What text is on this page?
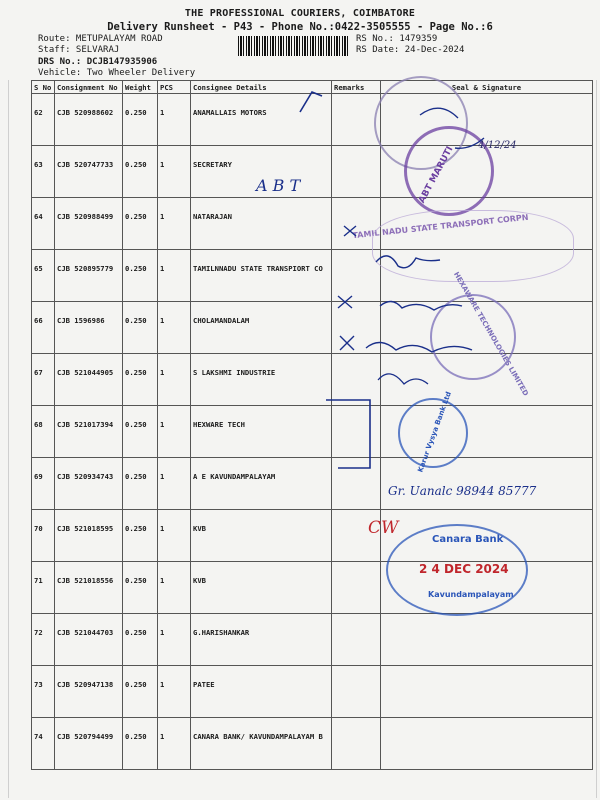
THE PROFESSIONAL COURIERS, COIMBATORE
Delivery Runsheet - P43 - Phone No.:0422-3505555 - Page No.:6
Route: METUPALAYAM ROAD
Staff: SELVARAJ
DRS No.: DCJB147935906
Vehicle: Two Wheeler Delivery
RS No.: 1479359
RS Date: 24-Dec-2024
S No	Consignment No	Weight	PCS	Consignee Details	Remarks	Seal & Signature
62	CJB 520988602	0.250	1	ANAMALLAIS MOTORS		
63	CJB 520747733	0.250	1	SECRETARY		
64	CJB 520988499	0.250	1	NATARAJAN		
65	CJB 520895779	0.250	1	TAMILNNADU STATE TRANSPIORT CO		
66	CJB 1596986	0.250	1	CHOLAMANDALAM		
67	CJB 521044905	0.250	1	S LAKSHMI INDUSTRIE		
68	CJB 521017394	0.250	1	HEXWARE TECH		
69	CJB 520934743	0.250	1	A E KAVUNDAMPALAYAM		
70	CJB 521018595	0.250	1	KVB		
71	CJB 521018556	0.250	1	KVB		
72	CJB 521044703	0.250	1	G.HARISHANKAR		
73	CJB 520947138	0.250	1	PATEE		
74	CJB 520794499	0.250	1	CANARA BANK/ KAVUNDAMPALAYAM B		
ABT MARUTI
TAMIL NADU STATE TRANSPORT CORPN
HEXAWARE TECHNOLOGIES LIMITED
Karur Vysya Bank Ltd
Canara Bank
2 4 DEC 2024
Kavundampalayam
A B T
4/12/24
CW
Gr. Uanalc 98944 85777
